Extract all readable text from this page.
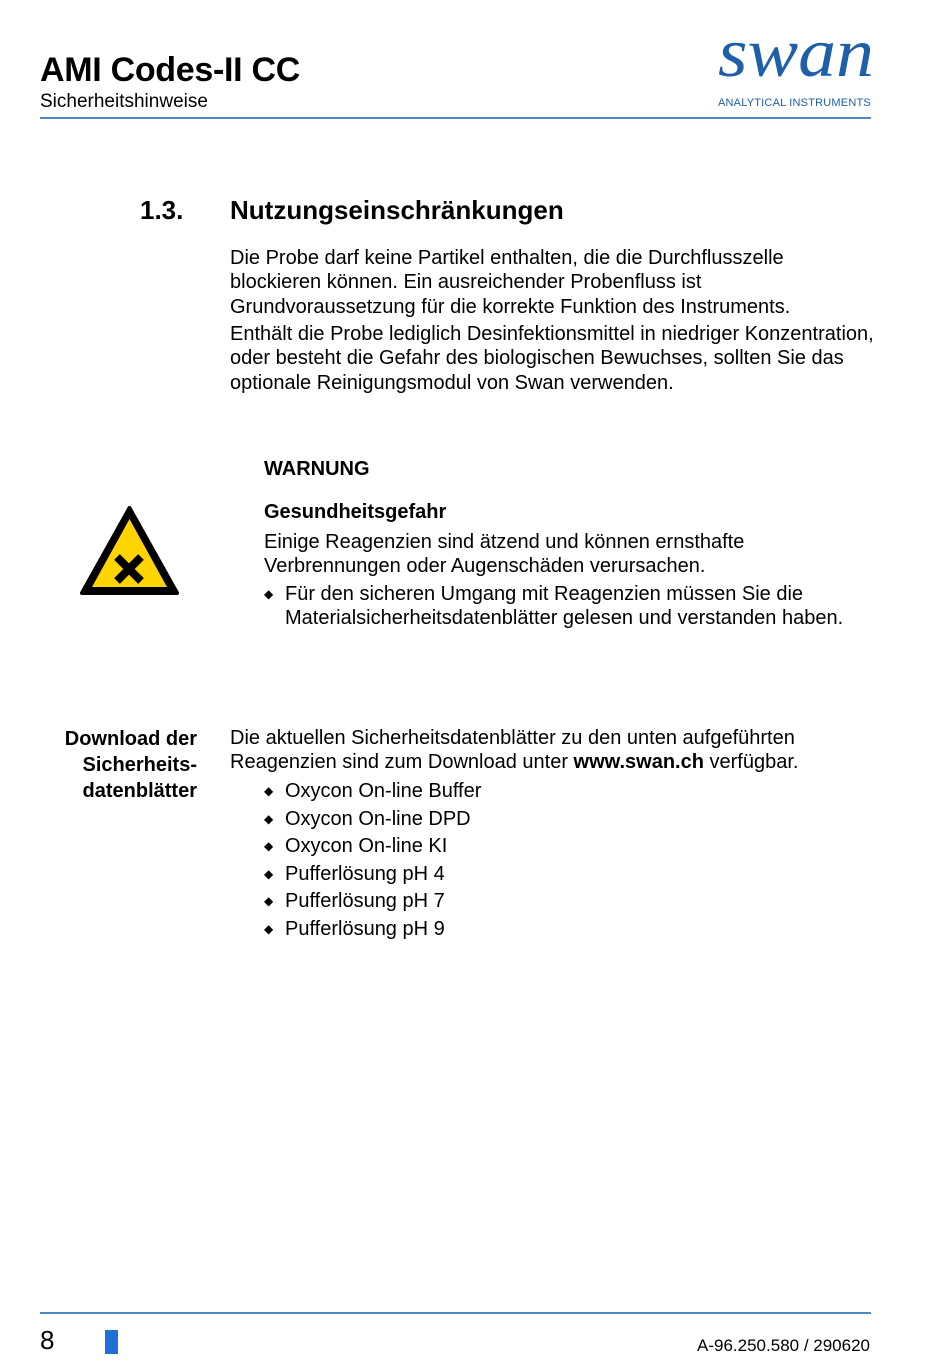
AMI Codes-II CC
Sicherheitshinweise
swan
ANALYTICAL INSTRUMENTS
1.3. Nutzungseinschränkungen

Die Probe darf keine Partikel enthalten, die die Durchflusszelle blockieren können. Ein ausreichender Probenfluss ist Grundvoraussetzung für die korrekte Funktion des Instruments.

Enthält die Probe lediglich Desinfektionsmittel in niedriger Konzentration, oder besteht die Gefahr des biologischen Bewuchses, sollten Sie das optionale Reinigungsmodul von Swan verwenden.

WARNUNG
Gesundheitsgefahr

Einige Reagenzien sind ätzend und können ernsthafte Verbrennungen oder Augenschäden verursachen.

◆ Für den sicheren Umgang mit Reagenzien müssen Sie die Materialsicherheitsdatenblätter gelesen und verstanden haben.
Download der
Sicherheits-
datenblätter

Die aktuellen Sicherheitsdatenblätter zu den unten aufgeführten Reagenzien sind zum Download unter www.swan.ch verfügbar.

◆ Oxycon On-line Buffer
◆ Oxycon On-line DPD
◆ Oxycon On-line KI
◆ Pufferlösung pH 4
◆ Pufferlösung pH 7
◆ Pufferlösung pH 9
8	A-96.250.580 / 290620
